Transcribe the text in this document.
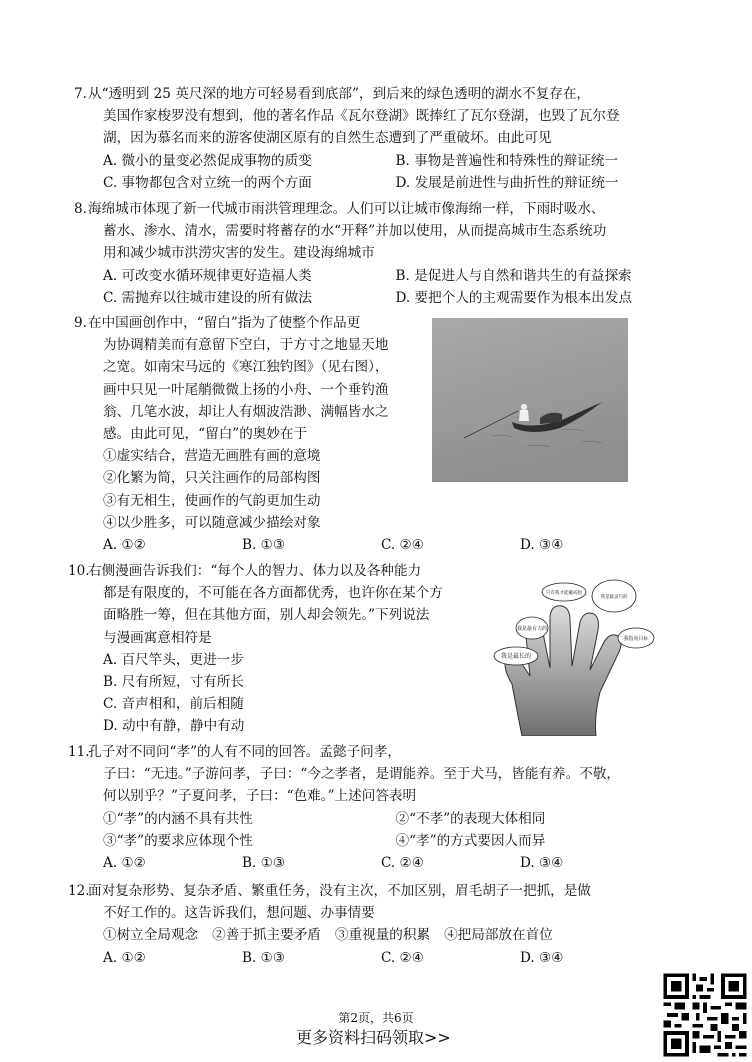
7. 从“透明到 25 英尺深的地方可轻易看到底部”，到后来的绿色透明的湖水不复存在，
美国作家梭罗没有想到，他的著名作品《瓦尔登湖》既捧红了瓦尔登湖，也毁了瓦尔登
湖，因为慕名而来的游客使湖区原有的自然生态遭到了严重破坏。由此可见
A. 微小的量变必然促成事物的质变	B. 事物是普遍性和特殊性的辩证统一
C. 事物都包含对立统一的两个方面	D. 发展是前进性与曲折性的辩证统一
8. 海绵城市体现了新一代城市雨洪管理理念。人们可以让城市像海绵一样，下雨时吸水、
蓄水、渗水、清水，需要时将蓄存的水“开释”并加以使用，从而提高城市生态系统功
用和减少城市洪涝灾害的发生。建设海绵城市
A. 可改变水循环规律更好造福人类	B. 是促进人与自然和谐共生的有益探索
C. 需抛弃以往城市建设的所有做法	D. 要把个人的主观需要作为根本出发点
9. 在中国画创作中，“留白”指为了使整个作品更
为协调精美而有意留下空白，于方寸之地显天地
之宽。如南宋马远的《寒江独钓图》（见右图），
画中只见一叶尾艄微微上扬的小舟、一个垂钓渔
翁、几笔水波，却让人有烟波浩渺、满幅皆水之
感。由此可见，“留白”的奥妙在于
①虚实结合，营造无画胜有画的意境
②化繁为简，只关注画作的局部构图
③有无相生，使画作的气韵更加生动
④以少胜多，可以随意减少描绘对象
A. ①②	B. ①③	C. ②④	D. ③④
10.
右侧漫画告诉我们：“每个人的智力、体力以及各种能力
都是有限度的，不可能在各方面都优秀，也许你在某个方
面略胜一筹，但在其他方面，别人却会领先。”下列说法
与漫画寓意相符是
A. 百尺竿头，更进一步
B. 尺有所短，寸有所长
C. 音声相和，前后相随
D. 动中有静，静中有动
我是最长的
我是最有力的
只有我才能戴戒指
我是最灵巧的
我指向目标
11.
孔子对不同问“孝”的人有不同的回答。孟懿子问孝，
子曰：“无违。”子游问孝，子曰：“今之孝者，是谓能养。至于犬马，皆能有养。不敬，
何以别乎？”子夏问孝，子曰：“色难。”上述问答表明
①“孝”的内涵不具有共性	②“不孝”的表现大体相同
③“孝”的要求应体现个性	④“孝”的方式要因人而异
A. ①②	B. ①③	C. ②④	D. ③④
12.
面对复杂形势、复杂矛盾、繁重任务，没有主次，不加区别，眉毛胡子一把抓，是做
不好工作的。这告诉我们，想问题、办事情要
①树立全局观念 ②善于抓主要矛盾 ③重视量的积累 ④把局部放在首位
A. ①②	B. ①③	C. ②④	D. ③④
第2页，共6页
更多资料扫码领取>>
